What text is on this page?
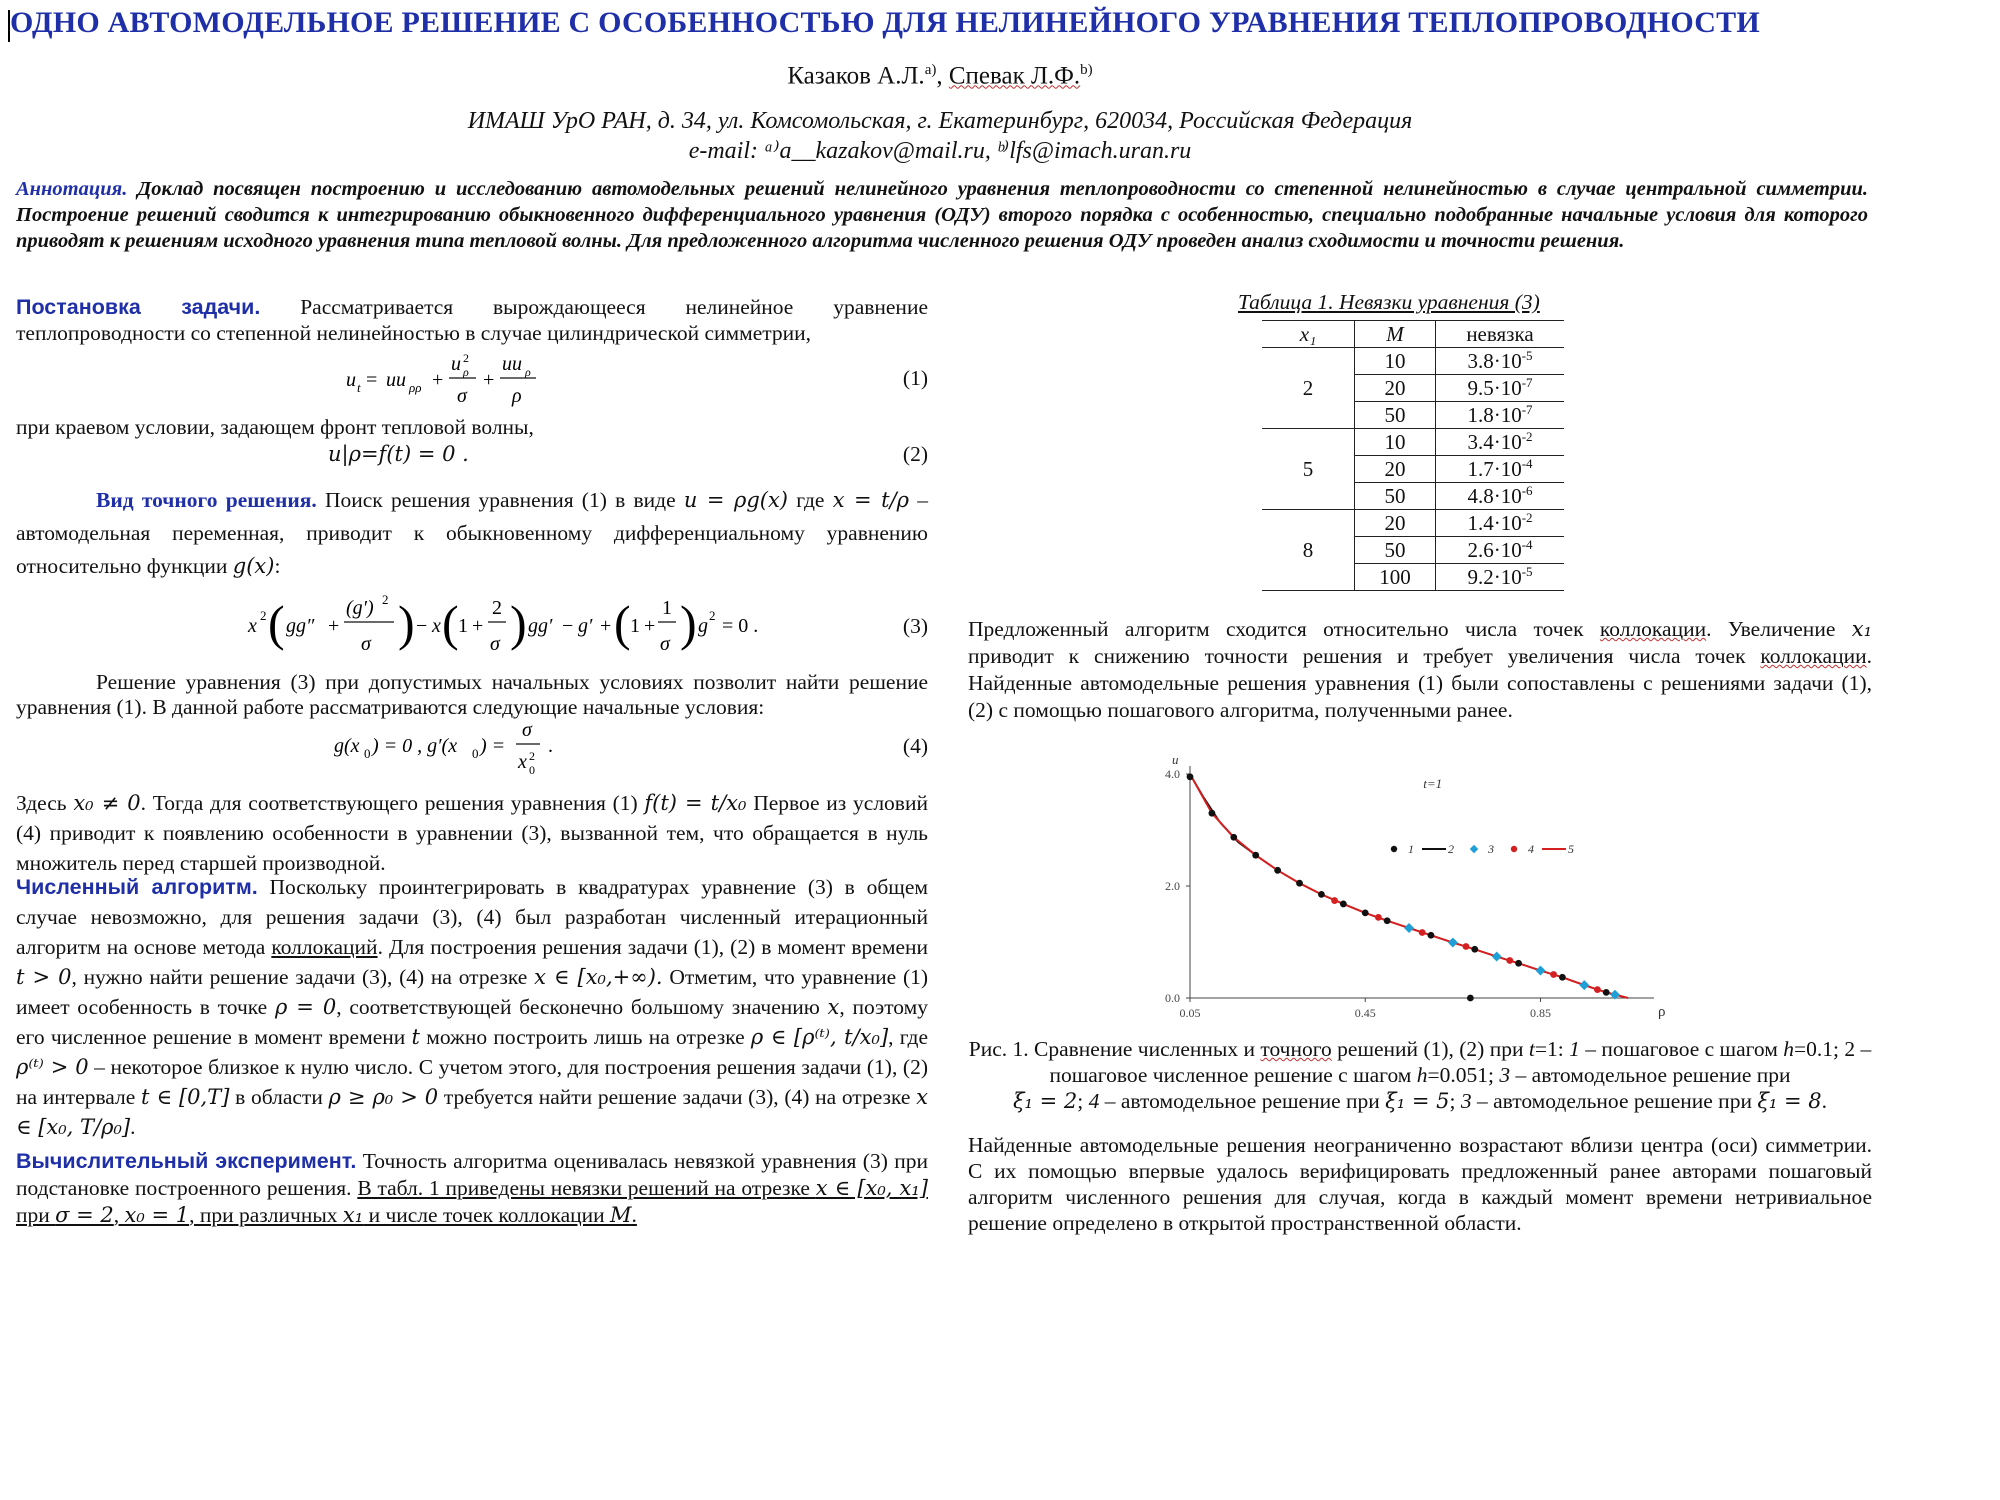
ОДНО АВТОМОДЕЛЬНОЕ РЕШЕНИЕ С ОСОБЕННОСТЬЮ ДЛЯ НЕЛИНЕЙНОГО УРАВНЕНИЯ ТЕПЛОПРОВОДНОСТИ
Казаков А.Л.$^{a)}$, Спевак Л.Ф.$^{b)}$
ИМАШ УрО РАН, д. 34, ул. Комсомольская, г. Екатеринбург, 620034, Российская Федерация
e-mail: ᵃ⁾a__kazakov@mail.ru, ᵇ⁾lfs@imach.uran.ru
Аннотация. Доклад посвящен построению и исследованию автомодельных решений нелинейного уравнения теплопроводности со степенной нелинейностью в случае центральной симметрии. Построение решений сводится к интегрированию обыкновенного дифференциального уравнения (ОДУ) второго порядка с особенностью, специально подобранные начальные условия для которого приводят к решениям исходного уравнения типа тепловой волны. Для предложенного алгоритма численного решения ОДУ проведен анализ сходимости и точности решения.
Постановка задачи. Рассматривается вырождающееся нелинейное уравнение теплопроводности со степенной нелинейностью в случае цилиндрической симметрии,
u t = uu ρρ +
u ρ
2
σ
+
uu ρ
ρ
(1)
при краевом условии, задающем фронт тепловой волны,
u|ρ=f(t) = 0 .	(2)
Вид точного решения. Поиск решения уравнения (1) в виде u = ρg(x) где x = t/ρ – автомодельная переменная, приводит к обыкновенному дифференциальному уравнению относительно функции g(x):
x 2 ( gg″ +
(g′) 2
σ ) − x ( 1 +
2
σ ) gg′ − g′ + ( 1 +
1
σ ) g 2 = 0 .	(3)
Решение уравнения (3) при допустимых начальных условиях позволит найти решение уравнения (1). В данной работе рассматриваются следующие начальные условия:
g(x 0 ) = 0 , g′(x 0 ) =
σ
x 0
2 .	(4)
Здесь x₀ ≠ 0. Тогда для соответствующего решения уравнения (1) f(t) = t/x₀ Первое из условий (4) приводит к появлению особенности в уравнении (3), вызванной тем, что обращается в нуль множитель перед старшей производной.
Численный алгоритм. Поскольку проинтегрировать в квадратурах уравнение (3) в общем случае невозможно, для решения задачи (3), (4) был разработан численный итерационный алгоритм на основе метода коллокаций. Для построения решения задачи (1), (2) в момент времени t > 0, нужно найти решение задачи (3), (4) на отрезке x ∈ [x₀,+∞). Отметим, что уравнение (1) имеет особенность в точке ρ = 0, соответствующей бесконечно большому значению x, поэтому его численное решение в момент времени t можно построить лишь на отрезке ρ ∈ [ρ⁽ᵗ⁾, t/x₀], где ρ⁽ᵗ⁾ > 0 – некоторое близкое к нулю число. С учетом этого, для построения решения задачи (1), (2) на интервале t ∈ [0,T] в области ρ ≥ ρ₀ > 0 требуется найти решение задачи (3), (4) на отрезке x ∈ [x₀, T/ρ₀].
Вычислительный эксперимент. Точность алгоритма оценивалась невязкой уравнения (3) при подстановке построенного решения. В табл. 1 приведены невязки решений на отрезке x ∈ [x₀, x₁] при σ = 2, x₀ = 1, при различных x₁ и числе точек коллокации M.
Таблица 1. Невязки уравнения (3)
x₁	M	невязка
2	10	$3.8\cdot 10^{-5}$
	20	$9.5\cdot 10^{-7}$
	50	$1.8\cdot 10^{-7}$
5	10	$3.4\cdot 10^{-2}$
	20	$1.7\cdot 10^{-4}$
	50	$4.8\cdot 10^{-6}$
8	20	$1.4\cdot 10^{-2}$
	50	$2.6\cdot 10^{-4}$
	100	$9.2\cdot 10^{-5}$

Предложенный алгоритм сходится относительно числа точек коллокации. Увеличение x₁ приводит к снижению точности решения и требует увеличения числа точек коллокации. Найденные автомодельные решения уравнения (1) были сопоставлены с решениями задачи (1), (2) с помощью пошагового алгоритма, полученными ранее.
0.0
2.0
4.0
0.05	0.45	0.85
u
ρ
t=1
1	2	3	4	5
Рис. 1. Сравнение численных и точного решений (1), (2) при t=1: 1 – пошаговое с шагом h=0.1; 2 – пошаговое численное решение с шагом h=0.051; 3 – автомодельное решение при
ξ₁ = 2; 4 – автомодельное решение при ξ₁ = 5; 3 – автомодельное решение при ξ₁ = 8.
Найденные автомодельные решения неограниченно возрастают вблизи центра (оси) симметрии. С их помощью впервые удалось верифицировать предложенный ранее авторами пошаговый алгоритм численного решения для случая, когда в каждый момент времени нетривиальное решение определено в открытой пространственной области.
